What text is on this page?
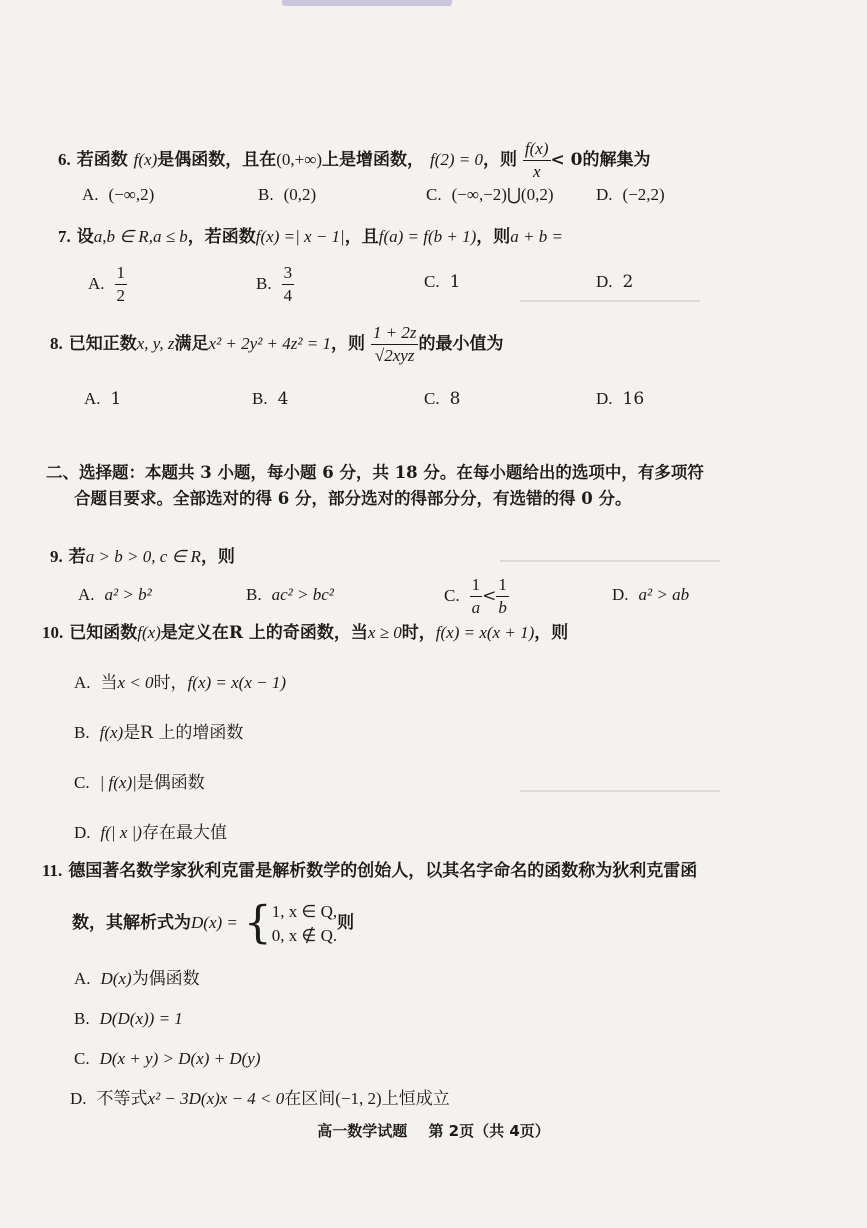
6. 若函数 f(x)是偶函数，且在(0,+∞)上是增函数， f(2) = 0，则 $\frac{f(x)}{x} < 0$的解集为
A. (−∞,2)	B. (0,2)	C. (−∞,−2)⋃(0,2)	D. (−2,2)
7. 设a,b ∈ R,a ≤ b，若函数f(x) =| x − 1|，且f(a) = f(b + 1)，则a + b =
A. $\frac{1}{2}$	B. $\frac{3}{4}$	C. 1	D. 2
8. 已知正数x, y, z满足x² + 2y² + 4z² = 1，则 $\frac{1 + 2z}{\text{√2xyz}}$ 的最小值为
A. 1	B. 4	C. 8	D. 16
二、选择题：本题共 3 小题，每小题 6 分，共 18 分。在每小题给出的选项中，有多项符
合题目要求。全部选对的得 6 分，部分选对的得部分分，有选错的得 0 分。
9. 若a > b > 0, c ∈ R，则
A. a² > b²	B. ac² > bc²	C. $\frac{1}{a} < \frac{1}{b}$	D. a² > ab
10. 已知函数f(x)是定义在R 上的奇函数，当x ≥ 0时，f(x) = x(x + 1)，则
A. 当x < 0时，f(x) = x(x − 1)
B. f(x)是R 上的增函数
C. | f(x)|是偶函数
D. f(| x |)存在最大值
11. 德国著名数学家狄利克雷是解析数学的创始人，以其名字命名的函数称为狄利克雷函
数，其解析式为D(x) = { 1, x ∈ Q,
0, x ∉ Q.
则
A. D(x)为偶函数
B. D(D(x)) = 1
C. D(x + y) > D(x) + D(y)
D. 不等式x² − 3D(x)x − 4 < 0在区间(−1, 2)上恒成立
高一数学试题 第 2页（共 4页）
